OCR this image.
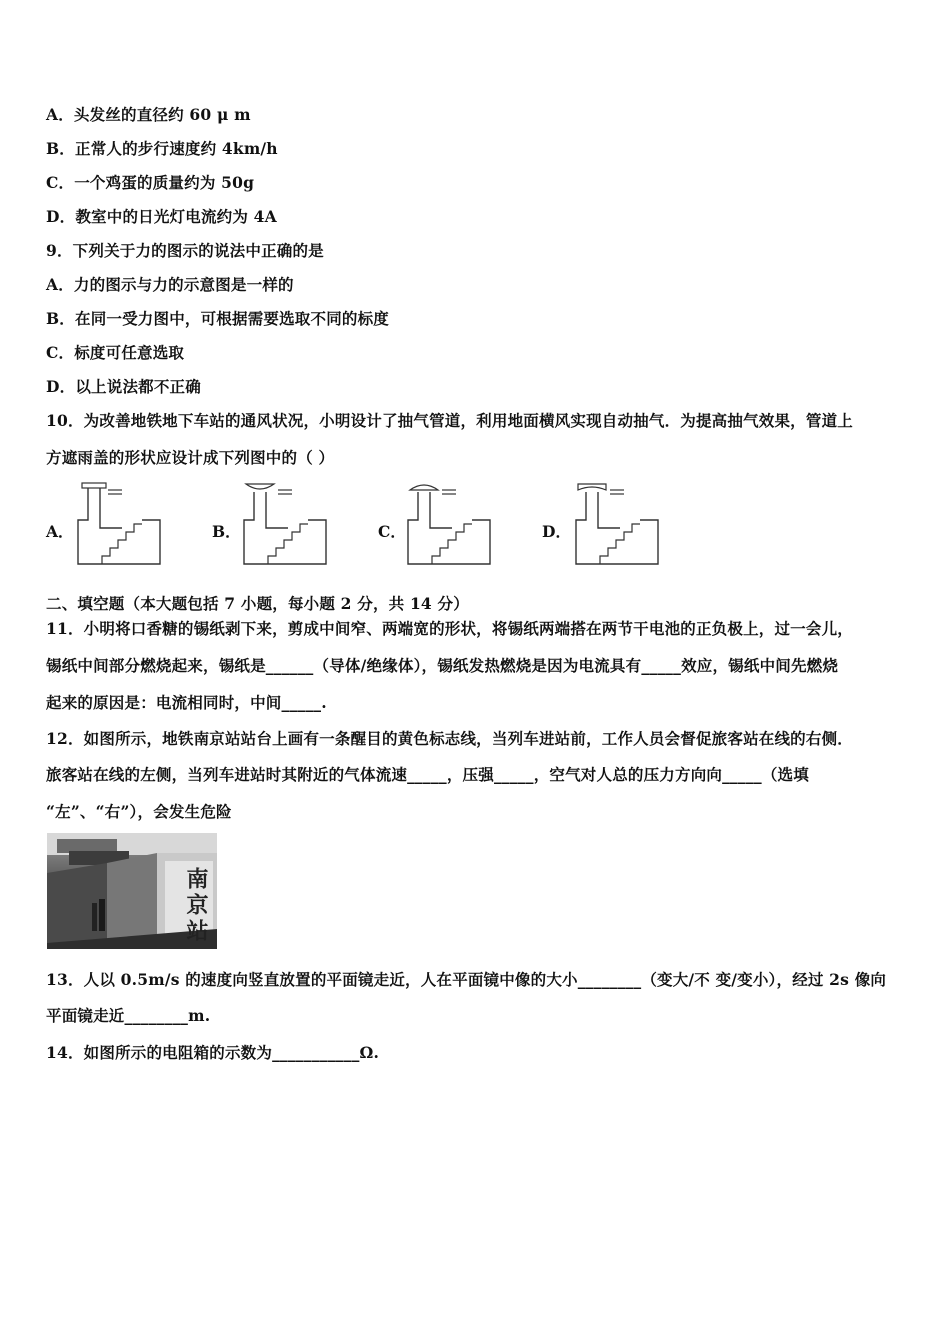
A．头发丝的直径约 60 μ m
B．正常人的步行速度约 4km/h
C．一个鸡蛋的质量约为 50g
D．教室中的日光灯电流约为 4A
9．下列关于力的图示的说法中正确的是
A．力的图示与力的示意图是一样的
B．在同一受力图中，可根据需要选取不同的标度
C．标度可任意选取
D．以上说法都不正确
10．为改善地铁地下车站的通风状况，小明设计了抽气管道，利用地面横风实现自动抽气．为提高抽气效果，管道上
方遮雨盖的形状应设计成下列图中的（ ）
A．	B．	C．	D．
二、填空题（本大题包括 7 小题，每小题 2 分，共 14 分）
11．小明将口香糖的锡纸剥下来，剪成中间窄、两端宽的形状，将锡纸两端搭在两节干电池的正负极上，过一会儿，
锡纸中间部分燃烧起来，锡纸是______（导体/绝缘体），锡纸发热燃烧是因为电流具有_____效应，锡纸中间先燃烧
起来的原因是：电流相同时，中间_____.
12．如图所示，地铁南京站站台上画有一条醒目的黄色标志线，当列车进站前，工作人员会督促旅客站在线的右侧．
旅客站在线的左侧，当列车进站时其附近的气体流速_____，压强_____，空气对人总的压力方向向_____（选填
“左”、“右”），会发生危险
南京站
13．人以 0.5m/s 的速度向竖直放置的平面镜走近，人在平面镜中像的大小________（变大/不 变/变小），经过 2s 像向
平面镜走近________m.
14．如图所示的电阻箱的示数为___________Ω.
